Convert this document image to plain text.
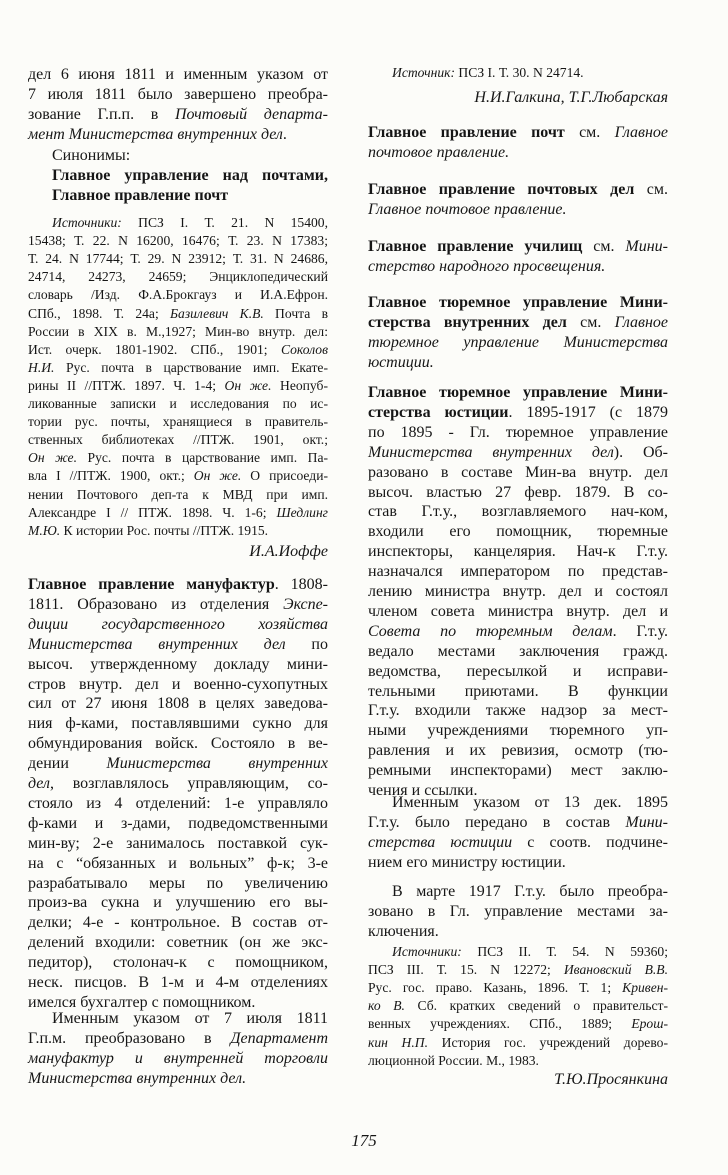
дел 6 июня 1811 и именным указом от
7 июля 1811 было завершено преобра-
зование Г.п.п. в Почтовый департа-
мент Министерства внутренних дел.
Синонимы:
Главное управление над почтами,
Главное правление почт
Источники: ПСЗ I. Т. 21. N 15400,
15438; Т. 22. N 16200, 16476; Т. 23. N 17383;
Т. 24. N 17744; Т. 29. N 23912; Т. 31. N 24686,
24714, 24273, 24659; Энциклопедический
словарь /Изд. Ф.А.Брокгауз и И.А.Ефрон.
СПб., 1898. Т. 24а; Базилевич К.В. Почта в
России в XIX в. М.,1927; Мин-во внутр. дел:
Ист. очерк. 1801-1902. СПб., 1901; Соколов
Н.И. Рус. почта в царствование имп. Екате-
рины II //ПТЖ. 1897. Ч. 1-4; Он же. Неопуб-
ликованные записки и исследования по ис-
тории рус. почты, хранящиеся в правитель-
ственных библиотеках //ПТЖ. 1901, окт.;
Он же. Рус. почта в царствование имп. Па-
вла I //ПТЖ. 1900, окт.; Он же. О присоеди-
нении Почтового деп-та к МВД при имп.
Александре I // ПТЖ. 1898. Ч. 1-6; Шедлинг
М.Ю. К истории Рос. почты //ПТЖ. 1915.
И.А.Иоффе
Главное правление мануфактур. 1808-
1811. Образовано из отделения Экспе-
диции государственного хозяйства
Министерства внутренних дел по
высоч. утвержденному докладу мини-
стров внутр. дел и военно-сухопутных
сил от 27 июня 1808 в целях заведова-
ния ф-ками, поставлявшими сукно для
обмундирования войск. Состояло в ве-
дении Министерства внутренних
дел, возглавлялось управляющим, со-
стояло из 4 отделений: 1-е управляло
ф-ками и з-дами, подведомственными
мин-ву; 2-е занималось поставкой сук-
на с “обязанных и вольных” ф-к; 3-е
разрабатывало меры по увеличению
произ-ва сукна и улучшению его вы-
делки; 4-е - контрольное. В состав от-
делений входили: советник (он же экс-
педитор), столонач-к с помощником,
неск. писцов. В 1-м и 4-м отделениях
имелся бухгалтер с помощником.
Именным указом от 7 июля 1811
Г.п.м. преобразовано в Департамент
мануфактур и внутренней торговли
Министерства внутренних дел.
Источник: ПСЗ I. Т. 30. N 24714.
Н.И.Галкина, Т.Г.Любарская
Главное правление почт см. Главное
почтовое правление.
Главное правление почтовых дел см.
Главное почтовое правление.
Главное правление училищ см. Мини-
стерство народного просвещения.
Главное тюремное управление Мини-
стерства внутренних дел см. Главное
тюремное управление Министерства
юстиции.
Главное тюремное управление Мини-
стерства юстиции. 1895-1917 (с 1879
по 1895 - Гл. тюремное управление
Министерства внутренних дел). Об-
разовано в составе Мин-ва внутр. дел
высоч. властью 27 февр. 1879. В со-
став Г.т.у., возглавляемого нач-ком,
входили его помощник, тюремные
инспекторы, канцелярия. Нач-к Г.т.у.
назначался императором по представ-
лению министра внутр. дел и состоял
членом совета министра внутр. дел и
Совета по тюремным делам. Г.т.у.
ведало местами заключения гражд.
ведомства, пересылкой и исправи-
тельными приютами. В функции
Г.т.у. входили также надзор за мест-
ными учреждениями тюремного уп-
равления и их ревизия, осмотр (тю-
ремными инспекторами) мест заклю-
чения и ссылки.
Именным указом от 13 дек. 1895
Г.т.у. было передано в состав Мини-
стерства юстиции с соотв. подчине-
нием его министру юстиции.
В марте 1917 Г.т.у. было преобра-
зовано в Гл. управление местами за-
ключения.
Источники: ПСЗ II. Т. 54. N 59360;
ПСЗ III. Т. 15. N 12272; Ивановский В.В.
Рус. гос. право. Казань, 1896. Т. 1; Кривен-
ко В. Сб. кратких сведений о правительст-
венных учреждениях. СПб., 1889; Ерош-
кин Н.П. История гос. учреждений дорево-
люционной России. М., 1983.
Т.Ю.Просянкина
175
